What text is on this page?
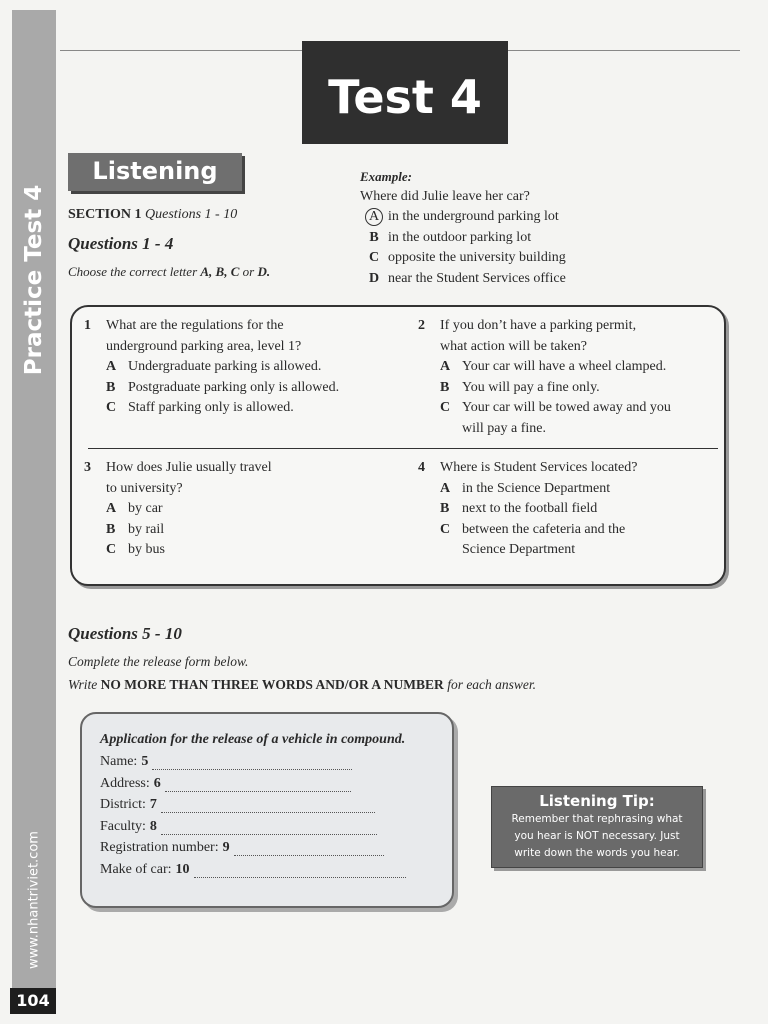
Practice Test 4
www.nhantriviet.com
104
Test 4
Listening
SECTION 1 Questions 1 - 10
Questions 1 - 4
Choose the correct letter A, B, C or D.
Example:
Where did Julie leave her car?
A in the underground parking lot
B in the outdoor parking lot
C opposite the university building
D near the Student Services office
1 What are the regulations for the
underground parking area, level 1?
A Undergraduate parking is allowed.
B Postgraduate parking only is allowed.
C Staff parking only is allowed.
2 If you don’t have a parking permit,
what action will be taken?
A Your car will have a wheel clamped.
B You will pay a fine only.
C Your car will be towed away and you
will pay a fine.
3 How does Julie usually travel
to university?
A by car
B by rail
C by bus
4 Where is Student Services located?
A in the Science Department
B next to the football field
C between the cafeteria and the
Science Department
Questions 5 - 10
Complete the release form below.
Write NO MORE THAN THREE WORDS AND/OR A NUMBER for each answer.
Application for the release of a vehicle in compound.
Name: 5
Address: 6
District: 7
Faculty: 8
Registration number: 9
Make of car: 10
Listening Tip:
Remember that rephrasing what
you hear is NOT necessary. Just
write down the words you hear.
